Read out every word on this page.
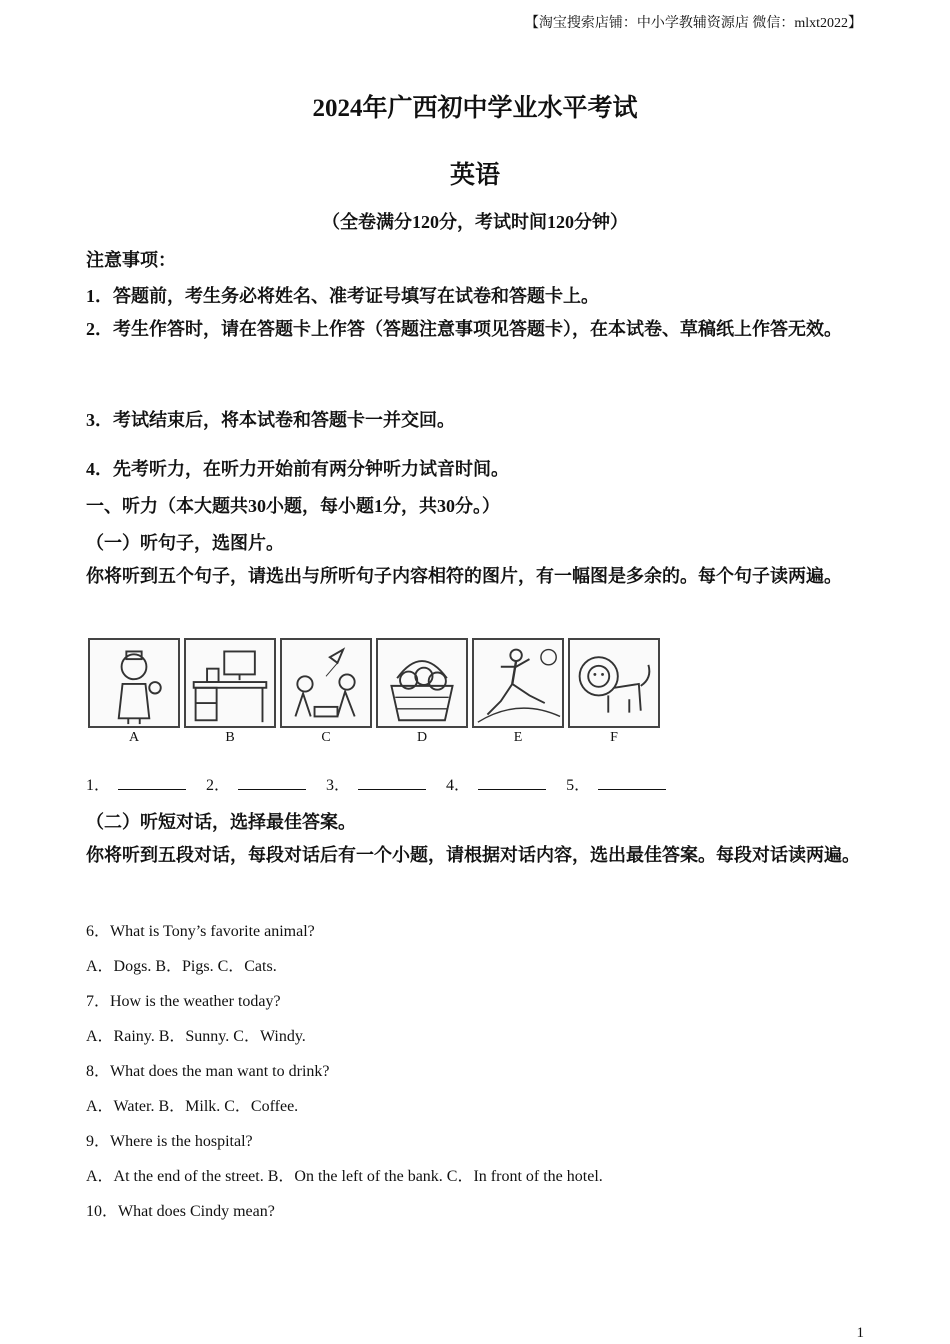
【淘宝搜索店铺：中小学教辅资源店 微信：mlxt2022】
2024年广西初中学业水平考试
英语
（全卷满分120分，考试时间120分钟）
注意事项：
1．答题前，考生务必将姓名、准考证号填写在试卷和答题卡上。
2．考生作答时，请在答题卡上作答（答题注意事项见答题卡），在本试卷、草稿纸上作答无效。
3．考试结束后，将本试卷和答题卡一并交回。
4．先考听力，在听力开始前有两分钟听力试音时间。
一、听力（本大题共30小题，每小题1分，共30分。）
（一）听句子，选图片。
你将听到五个句子，请选出与所听句子内容相符的图片，有一幅图是多余的。每个句子读两遍。
A	B	C	D	E	F
1．	2．	3．	4．	5．
（二）听短对话，选择最佳答案。
你将听到五段对话，每段对话后有一个小题，请根据对话内容，选出最佳答案。每段对话读两遍。
6．What is Tony’s favorite animal?
A．Dogs. B．Pigs. C．Cats.
7．How is the weather today?
A．Rainy. B．Sunny. C．Windy.
8．What does the man want to drink?
A．Water. B．Milk. C．Coffee.
9．Where is the hospital?
A．At the end of the street. B．On the left of the bank. C．In front of the hotel.
10．What does Cindy mean?
1
